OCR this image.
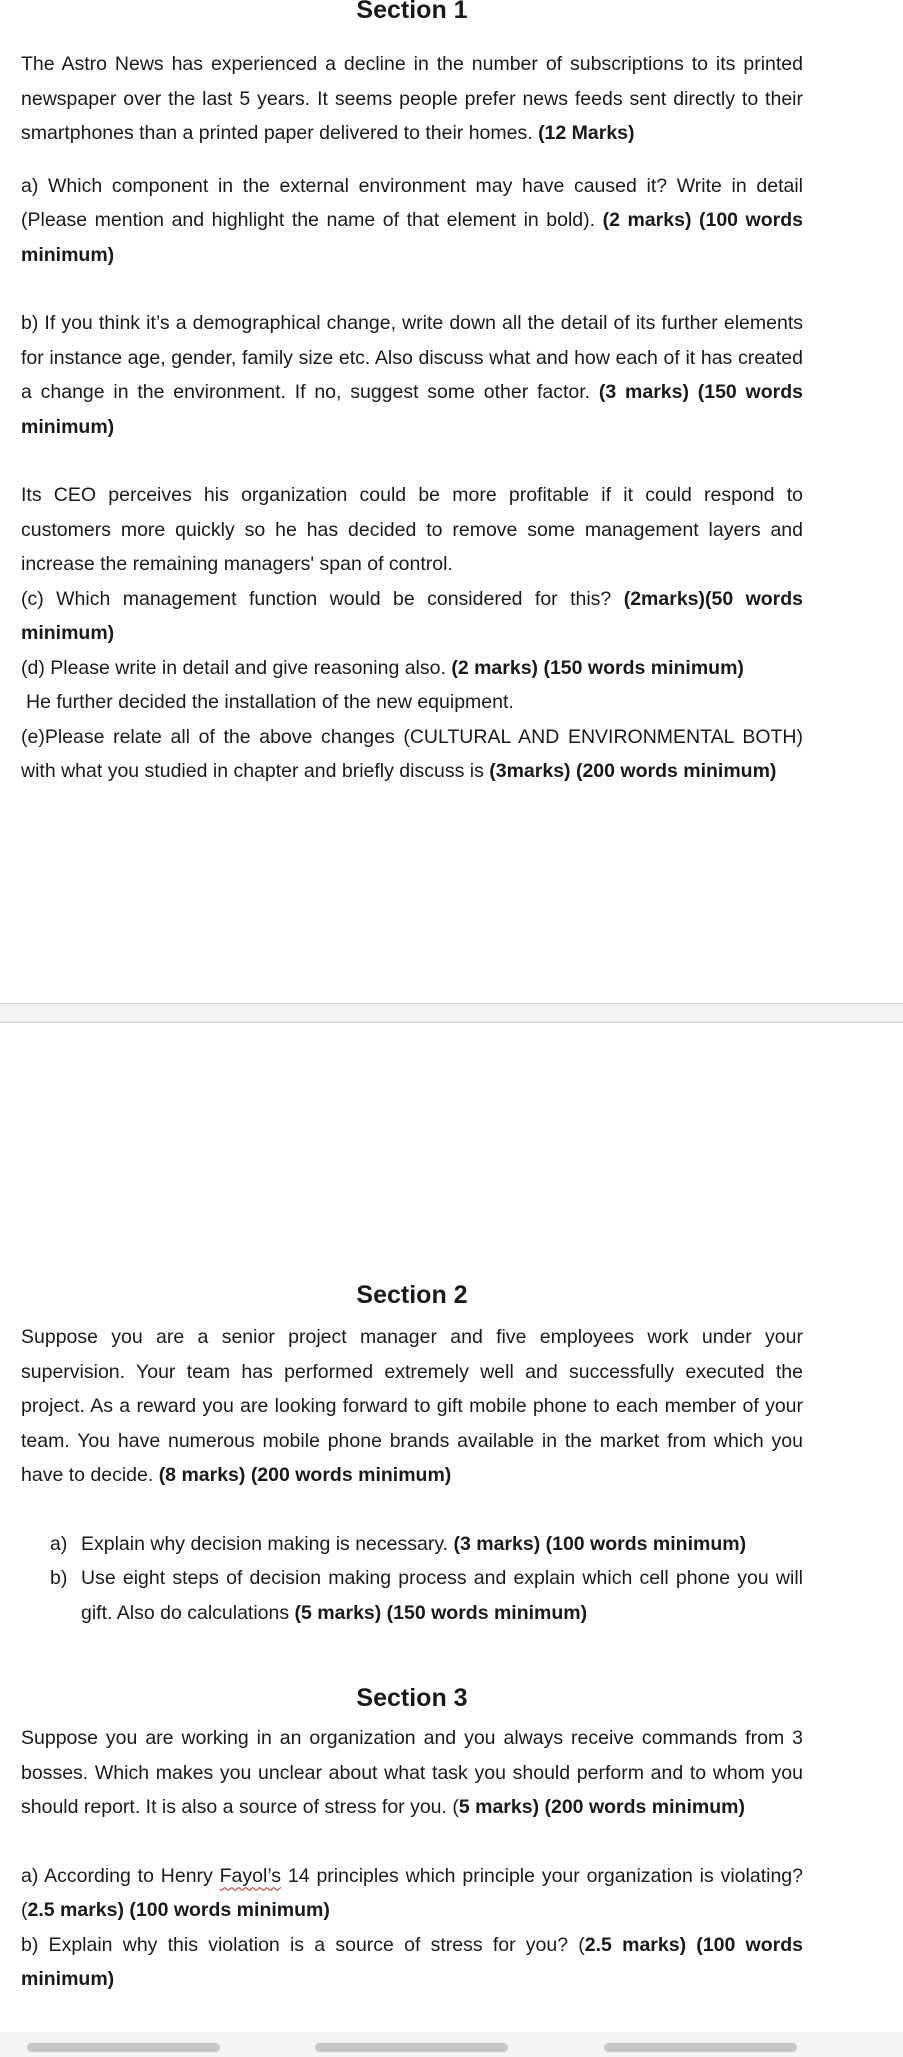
Section 1

The Astro News has experienced a decline in the number of subscriptions to its printed newspaper over the last 5 years. It seems people prefer news feeds sent directly to their smartphones than a printed paper delivered to their homes. (12 Marks)

a) Which component in the external environment may have caused it? Write in detail (Please mention and highlight the name of that element in bold). (2 marks) (100 words minimum)

b) If you think it’s a demographical change, write down all the detail of its further elements for instance age, gender, family size etc. Also discuss what and how each of it has created a change in the environment. If no, suggest some other factor. (3 marks) (150 words minimum)

Its CEO perceives his organization could be more profitable if it could respond to customers more quickly so he has decided to remove some management layers and increase the remaining managers' span of control.

(c) Which management function would be considered for this? (2marks)(50 words minimum)

(d) Please write in detail and give reasoning also. (2 marks) (150 words minimum)

He further decided the installation of the new equipment.

(e)Please relate all of the above changes (CULTURAL AND ENVIRONMENTAL BOTH) with what you studied in chapter and briefly discuss is (3marks) (200 words minimum)

Section 2

Suppose you are a senior project manager and five employees work under your supervision. Your team has performed extremely well and successfully executed the project. As a reward you are looking forward to gift mobile phone to each member of your team. You have numerous mobile phone brands available in the market from which you have to decide. (8 marks) (200 words minimum)

a) Explain why decision making is necessary. (3 marks) (100 words minimum)

b) Use eight steps of decision making process and explain which cell phone you will gift. Also do calculations (5 marks) (150 words minimum)

Section 3

Suppose you are working in an organization and you always receive commands from 3 bosses. Which makes you unclear about what task you should perform and to whom you should report. It is also a source of stress for you. (5 marks) (200 words minimum)

a) According to Henry Fayol’s 14 principles which principle your organization is violating? (2.5 marks) (100 words minimum)

b) Explain why this violation is a source of stress for you? (2.5 marks) (100 words minimum)
